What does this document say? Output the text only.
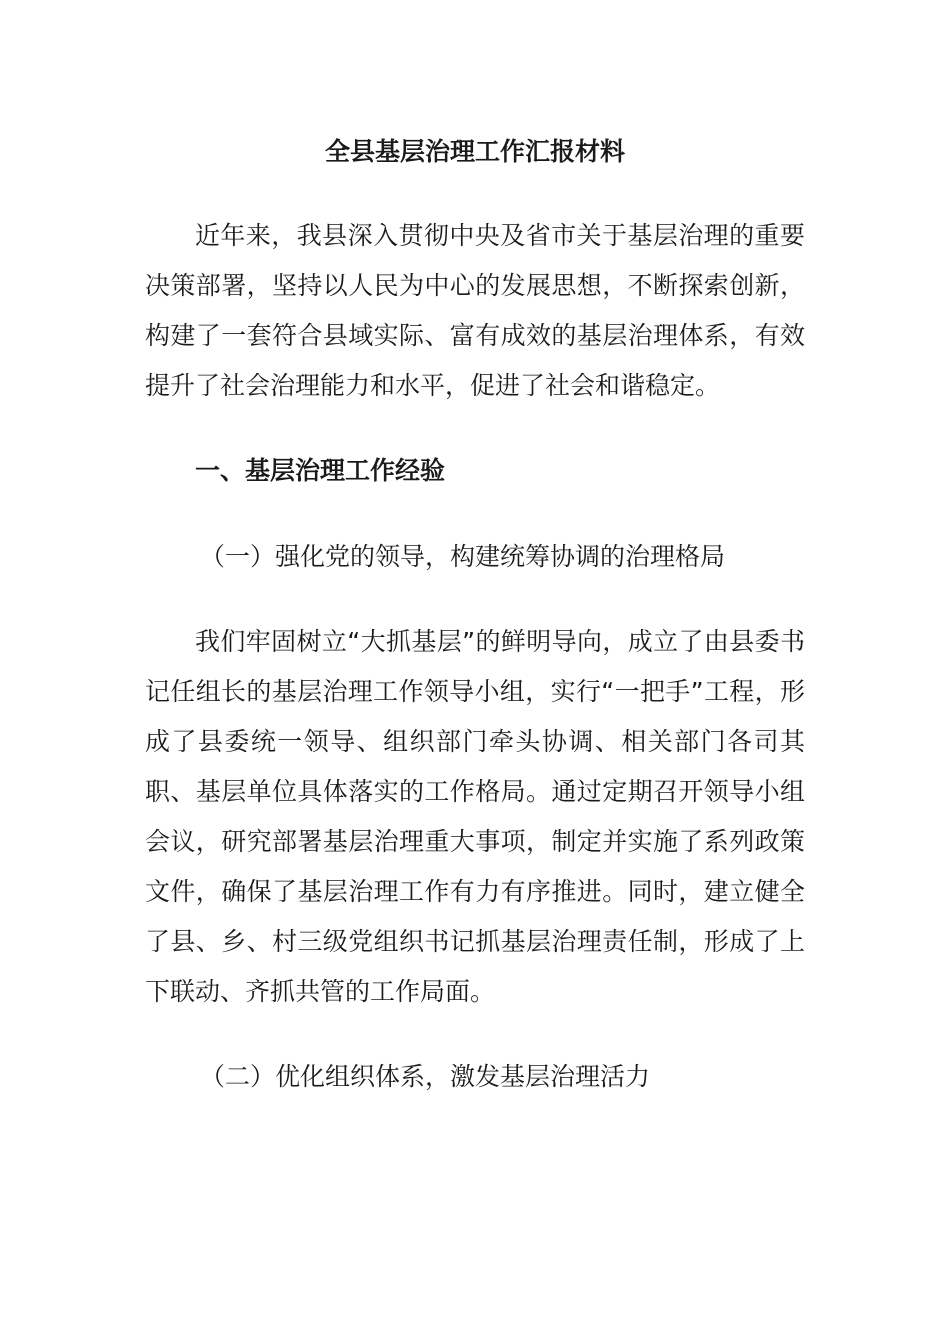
全县基层治理工作汇报材料

近年来，我县深入贯彻中央及省市关于基层治理的重要决策部署，坚持以人民为中心的发展思想，不断探索创新，构建了一套符合县域实际、富有成效的基层治理体系，有效提升了社会治理能力和水平，促进了社会和谐稳定。

一、基层治理工作经验

（一）强化党的领导，构建统筹协调的治理格局

我们牢固树立“大抓基层”的鲜明导向，成立了由县委书记任组长的基层治理工作领导小组，实行“一把手”工程，形成了县委统一领导、组织部门牵头协调、相关部门各司其职、基层单位具体落实的工作格局。通过定期召开领导小组会议，研究部署基层治理重大事项，制定并实施了系列政策文件，确保了基层治理工作有力有序推进。同时，建立健全了县、乡、村三级党组织书记抓基层治理责任制，形成了上下联动、齐抓共管的工作局面。

（二）优化组织体系，激发基层治理活力
